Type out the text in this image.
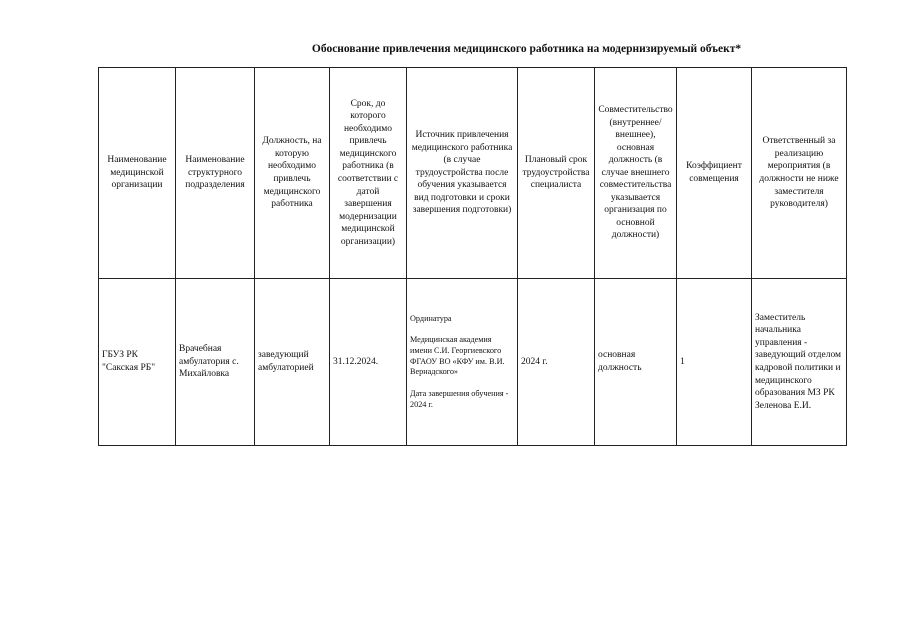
Обоснование привлечения медицинского работника на модернизируемый объект*
Наименование медицинской организации	Наименование структурного подразделения	Должность, на которую необходимо привлечь медицинского работника	Срок, до которого необходимо привлечь медицинского работника (в соответствии с датой завершения модернизации медицинской организации)	Источник привлечения медицинского работника (в случае трудоустройства после обучения указывается вид подготовки и сроки завершения подготовки)	Плановый срок трудоустройства специалиста	Совместительство (внутреннее/ внешнее), основная должность (в случае внешнего совместительства указывается организация по основной должности)	Коэффициент совмещения	Ответственный за реализацию мероприятия (в должности не ниже заместителя руководителя)
ГБУЗ РК "Сакская РБ"	Врачебная амбулатория с. Михайловка	заведующий амбулаторией	31.12.2024.	Ординатура
Медицинская академия имени С.И. Георгиевского ФГАОУ ВО «КФУ им. В.И. Вернадского»
Дата завершения обучения - 2024 г.	2024 г.	основная должность	1	Заместитель начальника управления - заведующий отделом кадровой политики и медицинского образования МЗ РК
Зеленова Е.И.
